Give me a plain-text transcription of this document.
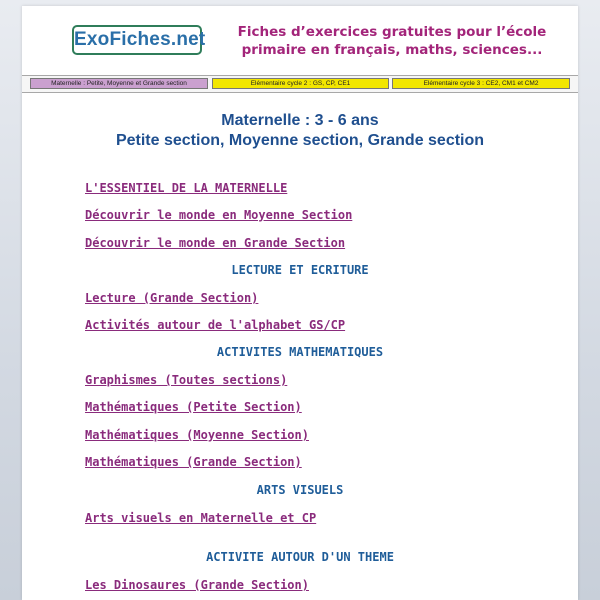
ExoFiches.net	Fiches d’exercices gratuites pour l’école
primaire en français, maths, sciences...
Maternelle : Petite, Moyenne et Grande section	Elémentaire cycle 2 : GS, CP, CE1	Elémentaire cycle 3 : CE2, CM1 et CM2
Maternelle : 3 - 6 ans
Petite section, Moyenne section, Grande section
L'ESSENTIEL DE LA MATERNELLE
Découvrir le monde en Moyenne Section
Découvrir le monde en Grande Section
LECTURE ET ECRITURE
Lecture (Grande Section)
Activités autour de l'alphabet GS/CP
ACTIVITES MATHEMATIQUES
Graphismes (Toutes sections)
Mathématiques (Petite Section)
Mathématiques (Moyenne Section)
Mathématiques (Grande Section)
ARTS VISUELS
Arts visuels en Maternelle et CP
ACTIVITE AUTOUR D'UN THEME
Les Dinosaures (Grande Section)
